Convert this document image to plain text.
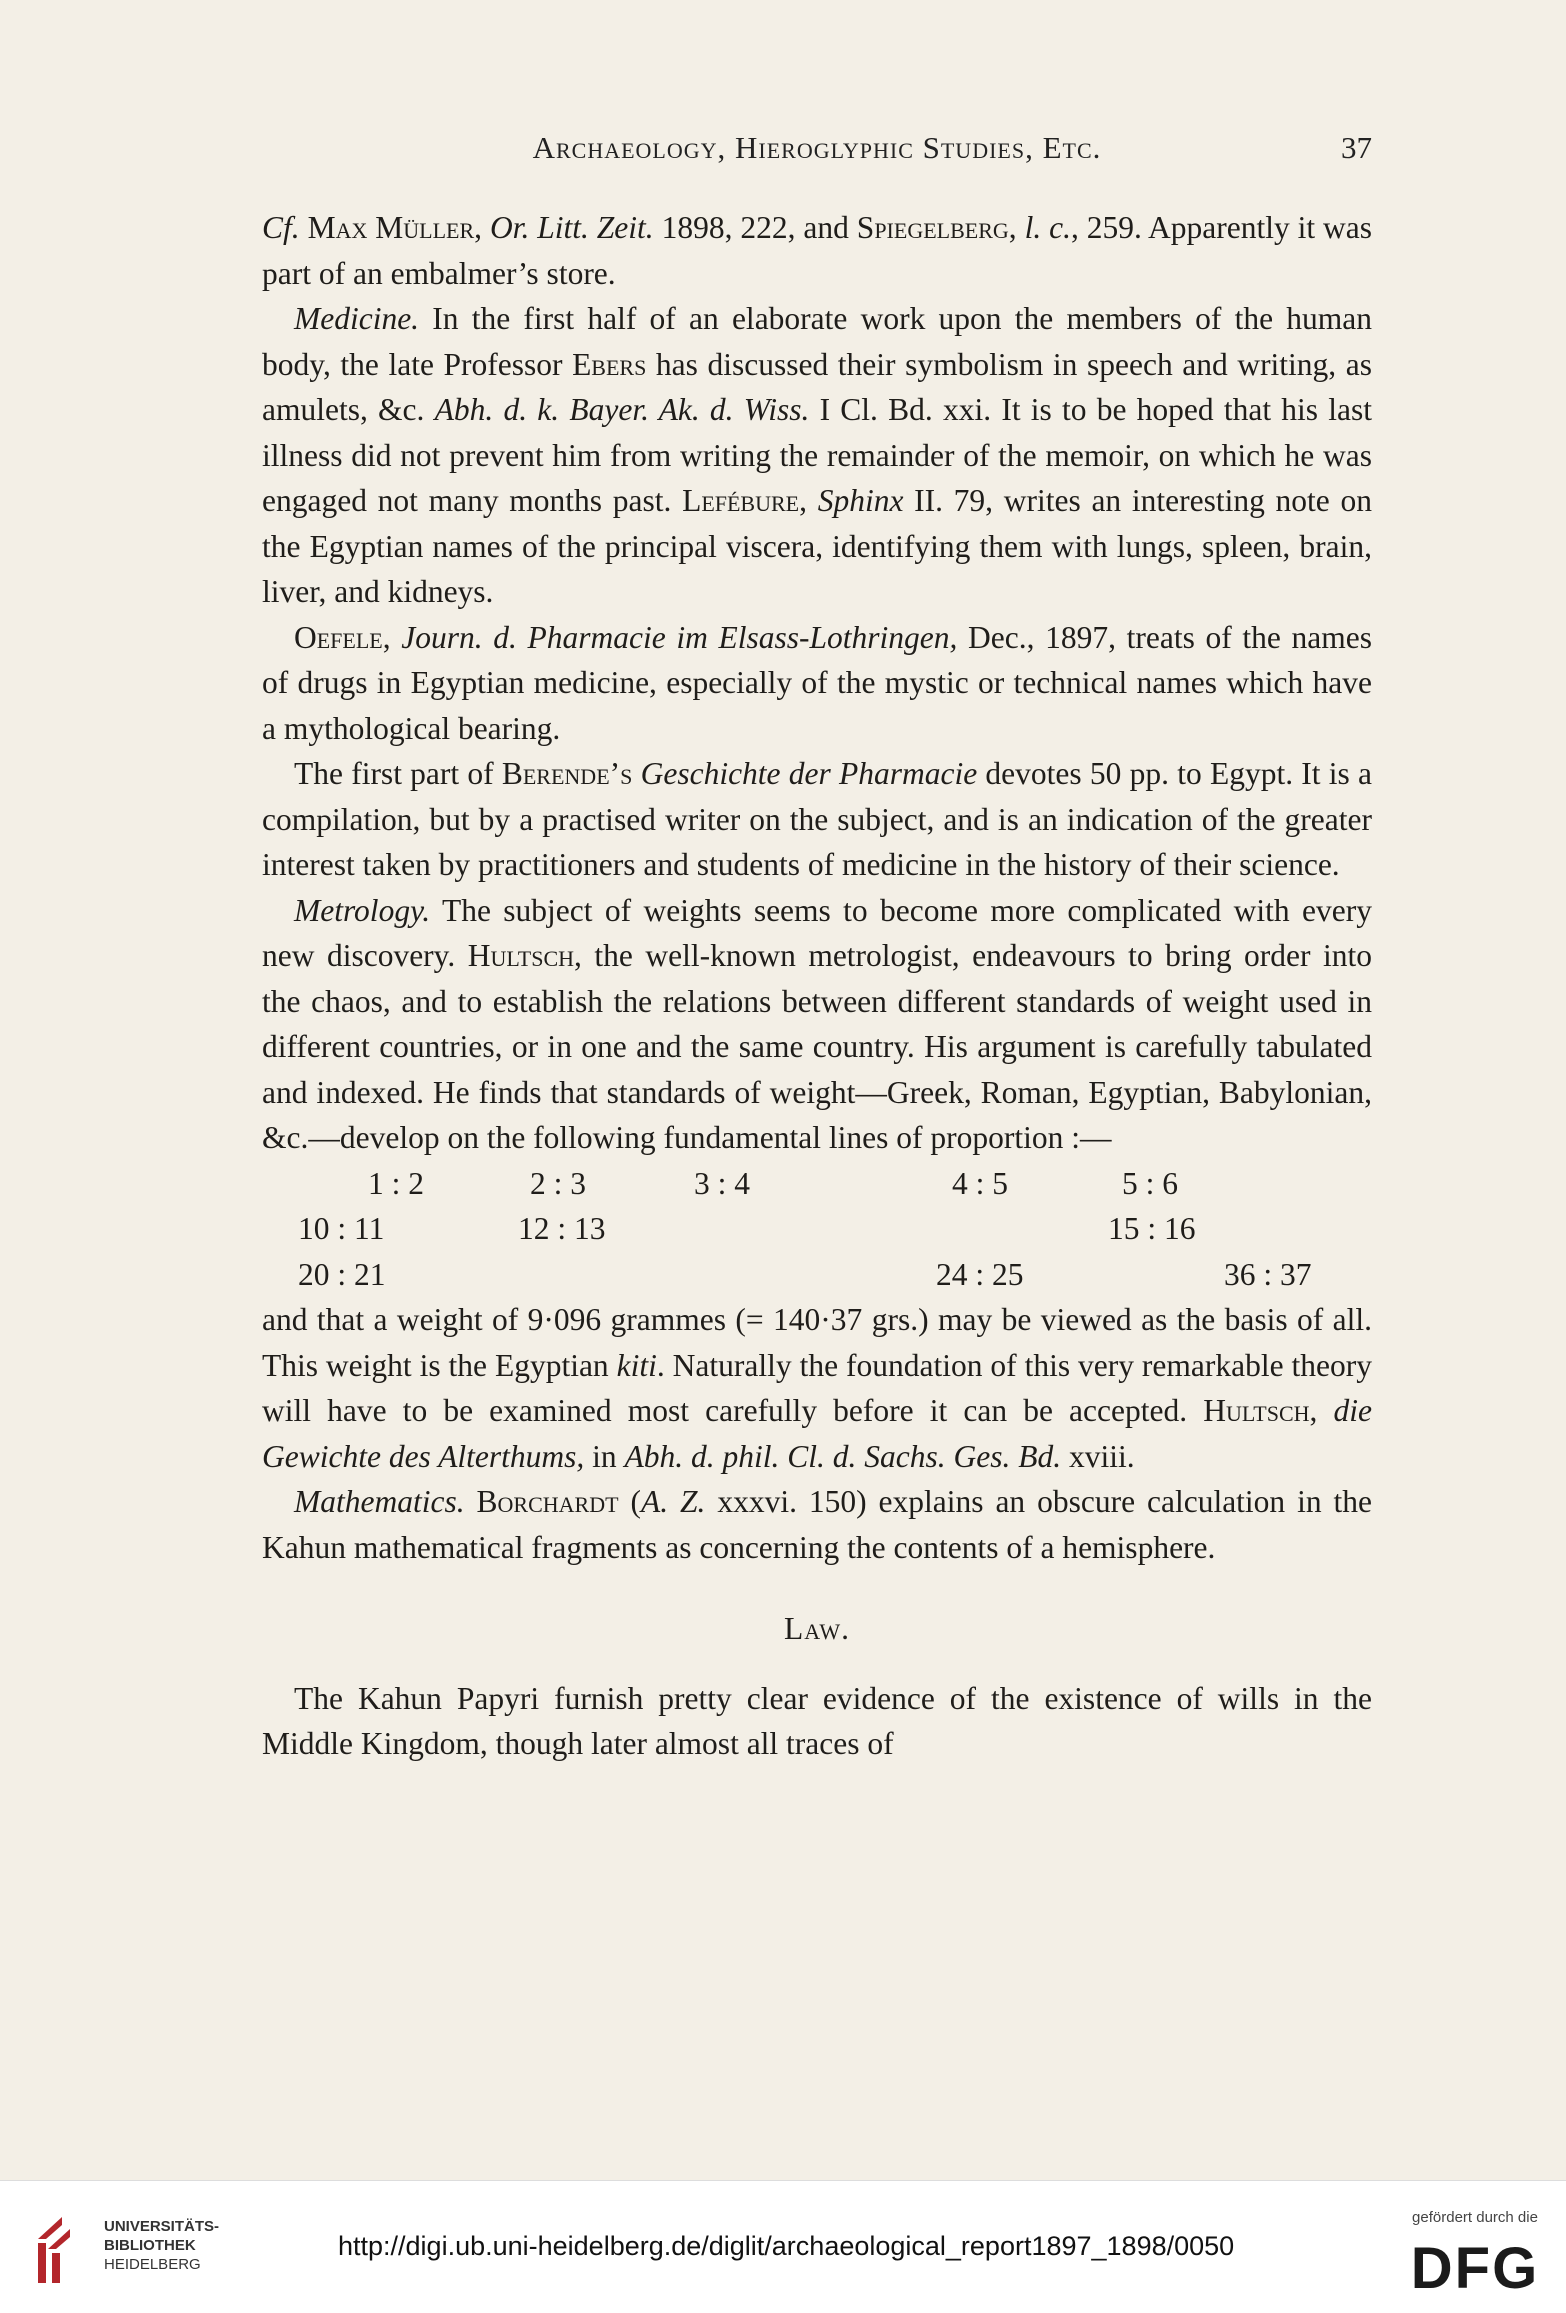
Archaeology, Hieroglyphic Studies, Etc.	37

Cf. Max Müller, Or. Litt. Zeit. 1898, 222, and Spiegelberg, l. c., 259. Apparently it was part of an embalmer’s store.

Medicine. In the first half of an elaborate work upon the members of the human body, the late Professor Ebers has discussed their symbolism in speech and writing, as amulets, &c. Abh. d. k. Bayer. Ak. d. Wiss. I Cl. Bd. xxi. It is to be hoped that his last illness did not prevent him from writing the remainder of the memoir, on which he was engaged not many months past. Lefébure, Sphinx II. 79, writes an interesting note on the Egyptian names of the principal viscera, identifying them with lungs, spleen, brain, liver, and kidneys.

Oefele, Journ. d. Pharmacie im Elsass-Lothringen, Dec., 1897, treats of the names of drugs in Egyptian medicine, especially of the mystic or technical names which have a mythological bearing.

The first part of Berende’s Geschichte der Pharmacie devotes 50 pp. to Egypt. It is a compilation, but by a practised writer on the subject, and is an indication of the greater interest taken by practitioners and students of medicine in the history of their science.

Metrology. The subject of weights seems to become more complicated with every new discovery. Hultsch, the well-known metrologist, endeavours to bring order into the chaos, and to establish the relations between different standards of weight used in different countries, or in one and the same country. His argument is carefully tabulated and indexed. He finds that standards of weight—Greek, Roman, Egyptian, Babylonian, &c.—develop on the following fundamental lines of proportion :—

1 : 2	2 : 3	3 : 4	4 : 5	5 : 6
10 : 11	12 : 13	15 : 16
20 : 21	24 : 25	36 : 37

and that a weight of 9·096 grammes (= 140·37 grs.) may be viewed as the basis of all. This weight is the Egyptian kiti. Naturally the foundation of this very remarkable theory will have to be examined most carefully before it can be accepted. Hultsch, die Gewichte des Alterthums, in Abh. d. phil. Cl. d. Sachs. Ges. Bd. xviii.

Mathematics. Borchardt (A. Z. xxxvi. 150) explains an obscure calculation in the Kahun mathematical fragments as concerning the contents of a hemisphere.

Law.

The Kahun Papyri furnish pretty clear evidence of the existence of wills in the Middle Kingdom, though later almost all traces of

UNIVERSITÄTS-
BIBLIOTHEK
HEIDELBERG
http://digi.ub.uni-heidelberg.de/diglit/archaeological_report1897_1898/0050
gefördert durch die
DFG
